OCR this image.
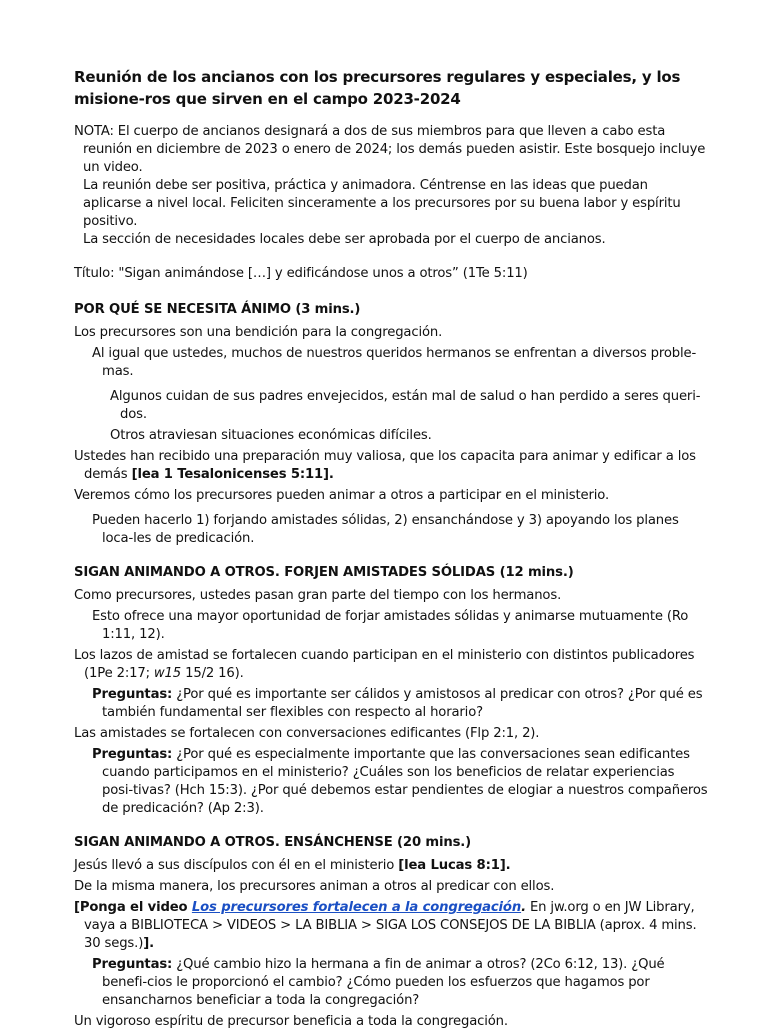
Reunión de los ancianos con los precursores regulares y especiales, y los misione-ros que sirven en el campo 2023-2024

NOTA: El cuerpo de ancianos designará a dos de sus miembros para que lleven a cabo esta reunión en diciembre de 2023 o enero de 2024; los demás pueden asistir. Este bosquejo incluye un video.

La reunión debe ser positiva, práctica y animadora. Céntrense en las ideas que puedan aplicarse a nivel local. Feliciten sinceramente a los precursores por su buena labor y espíritu positivo.

La sección de necesidades locales debe ser aprobada por el cuerpo de ancianos.

Título: "Sigan animándose […] y edificándose unos a otros” (1Te 5:11)
POR QUÉ SE NECESITA ÁNIMO (3 mins.)
Los precursores son una bendición para la congregación.
Al igual que ustedes, muchos de nuestros queridos hermanos se enfrentan a diversos proble-mas.
Algunos cuidan de sus padres envejecidos, están mal de salud o han perdido a seres queri-dos.
Otros atraviesan situaciones económicas difíciles.
Ustedes han recibido una preparación muy valiosa, que los capacita para animar y edificar a los demás [lea 1 Tesalonicenses 5:11].
Veremos cómo los precursores pueden animar a otros a participar en el ministerio.
Pueden hacerlo 1) forjando amistades sólidas, 2) ensanchándose y 3) apoyando los planes loca-les de predicación.
SIGAN ANIMANDO A OTROS. FORJEN AMISTADES SÓLIDAS (12 mins.)
Como precursores, ustedes pasan gran parte del tiempo con los hermanos.
Esto ofrece una mayor oportunidad de forjar amistades sólidas y animarse mutuamente (Ro 1:11, 12).
Los lazos de amistad se fortalecen cuando participan en el ministerio con distintos publicadores (1Pe 2:17; w15 15/2 16).
Preguntas: ¿Por qué es importante ser cálidos y amistosos al predicar con otros? ¿Por qué es también fundamental ser flexibles con respecto al horario?
Las amistades se fortalecen con conversaciones edificantes (Flp 2:1, 2).
Preguntas: ¿Por qué es especialmente importante que las conversaciones sean edificantes cuando participamos en el ministerio? ¿Cuáles son los beneficios de relatar experiencias posi-tivas? (Hch 15:3). ¿Por qué debemos estar pendientes de elogiar a nuestros compañeros de predicación? (Ap 2:3).
SIGAN ANIMANDO A OTROS. ENSÁNCHENSE (20 mins.)
Jesús llevó a sus discípulos con él en el ministerio [lea Lucas 8:1].
De la misma manera, los precursores animan a otros al predicar con ellos.
[Ponga el video Los precursores fortalecen a la congregación. En jw.org o en JW Library, vaya a BIBLIOTECA > VIDEOS > LA BIBLIA > SIGA LOS CONSEJOS DE LA BIBLIA (aprox. 4 mins. 30 segs.)].
Preguntas: ¿Qué cambio hizo la hermana a fin de animar a otros? (2Co 6:12, 13). ¿Qué benefi-cios le proporcionó el cambio? ¿Cómo pueden los esfuerzos que hagamos por ensancharnos beneficiar a toda la congregación?
Un vigoroso espíritu de precursor beneficia a toda la congregación.
